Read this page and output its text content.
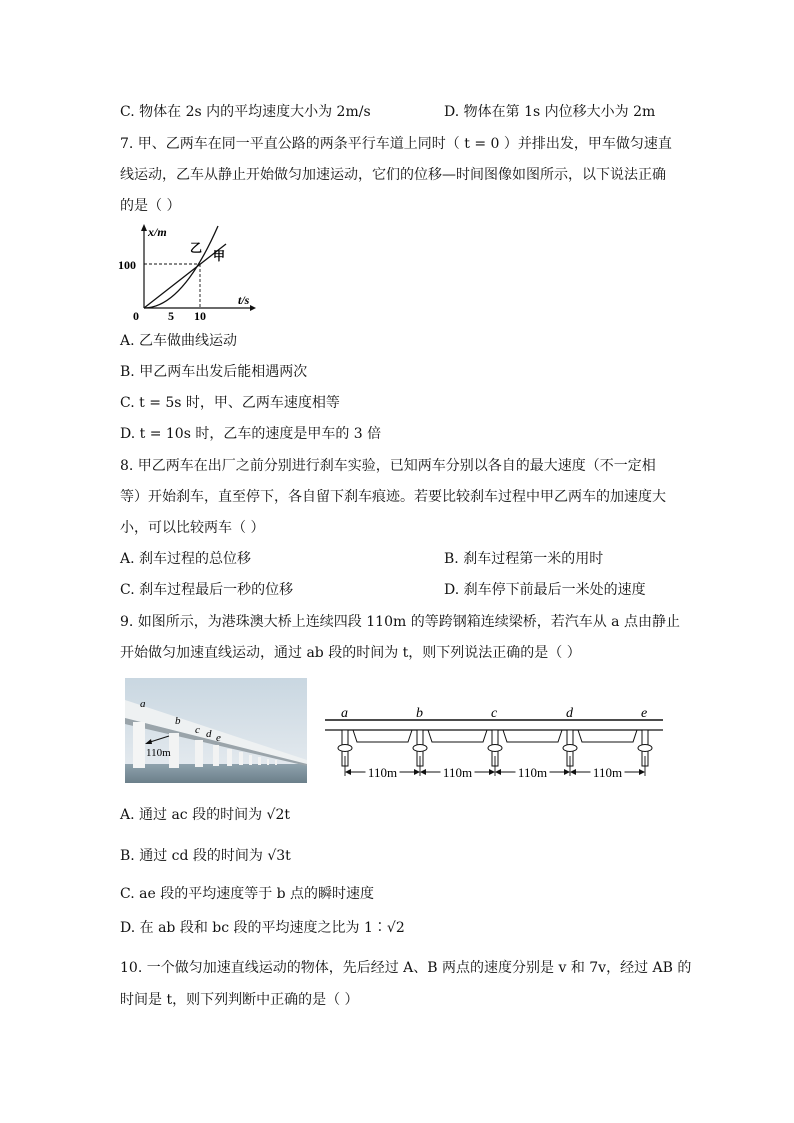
C. 物体在 2s 内的平均速度大小为 2m/s	D. 物体在第 1s 内位移大小为 2m
7. 甲、乙两车在同一平直公路的两条平行车道上同时（ t = 0 ）并排出发，甲车做匀速直
线运动，乙车从静止开始做匀加速运动，它们的位移—时间图像如图所示，以下说法正确
的是（ ）
x/m
t/s
100
0 5 10
乙
甲
A. 乙车做曲线运动
B. 甲乙两车出发后能相遇两次
C. t = 5s 时，甲、乙两车速度相等
D. t = 10s 时，乙车的速度是甲车的 3 倍
8. 甲乙两车在出厂之前分别进行刹车实验，已知两车分别以各自的最大速度（不一定相
等）开始刹车，直至停下，各自留下刹车痕迹。若要比较刹车过程中甲乙两车的加速度大
小，可以比较两车（ ）
A. 刹车过程的总位移	B. 刹车过程第一米的用时
C. 刹车过程最后一秒的位移	D. 刹车停下前最后一米处的速度
9. 如图所示，为港珠澳大桥上连续四段 110m 的等跨钢箱连续梁桥，若汽车从 a 点由静止
开始做匀加速直线运动，通过 ab 段的时间为 t，则下列说法正确的是（ ）
a
b
c d e
110m
a	b	c	d	e
110m	110m	110m	110m
A. 通过 ac 段的时间为 √2t
B. 通过 cd 段的时间为 √3t
C. ae 段的平均速度等于 b 点的瞬时速度
D. 在 ab 段和 bc 段的平均速度之比为 1∶√2
10. 一个做匀加速直线运动的物体，先后经过 A、B 两点的速度分别是 v 和 7v，经过 AB 的
时间是 t，则下列判断中正确的是（ ）
